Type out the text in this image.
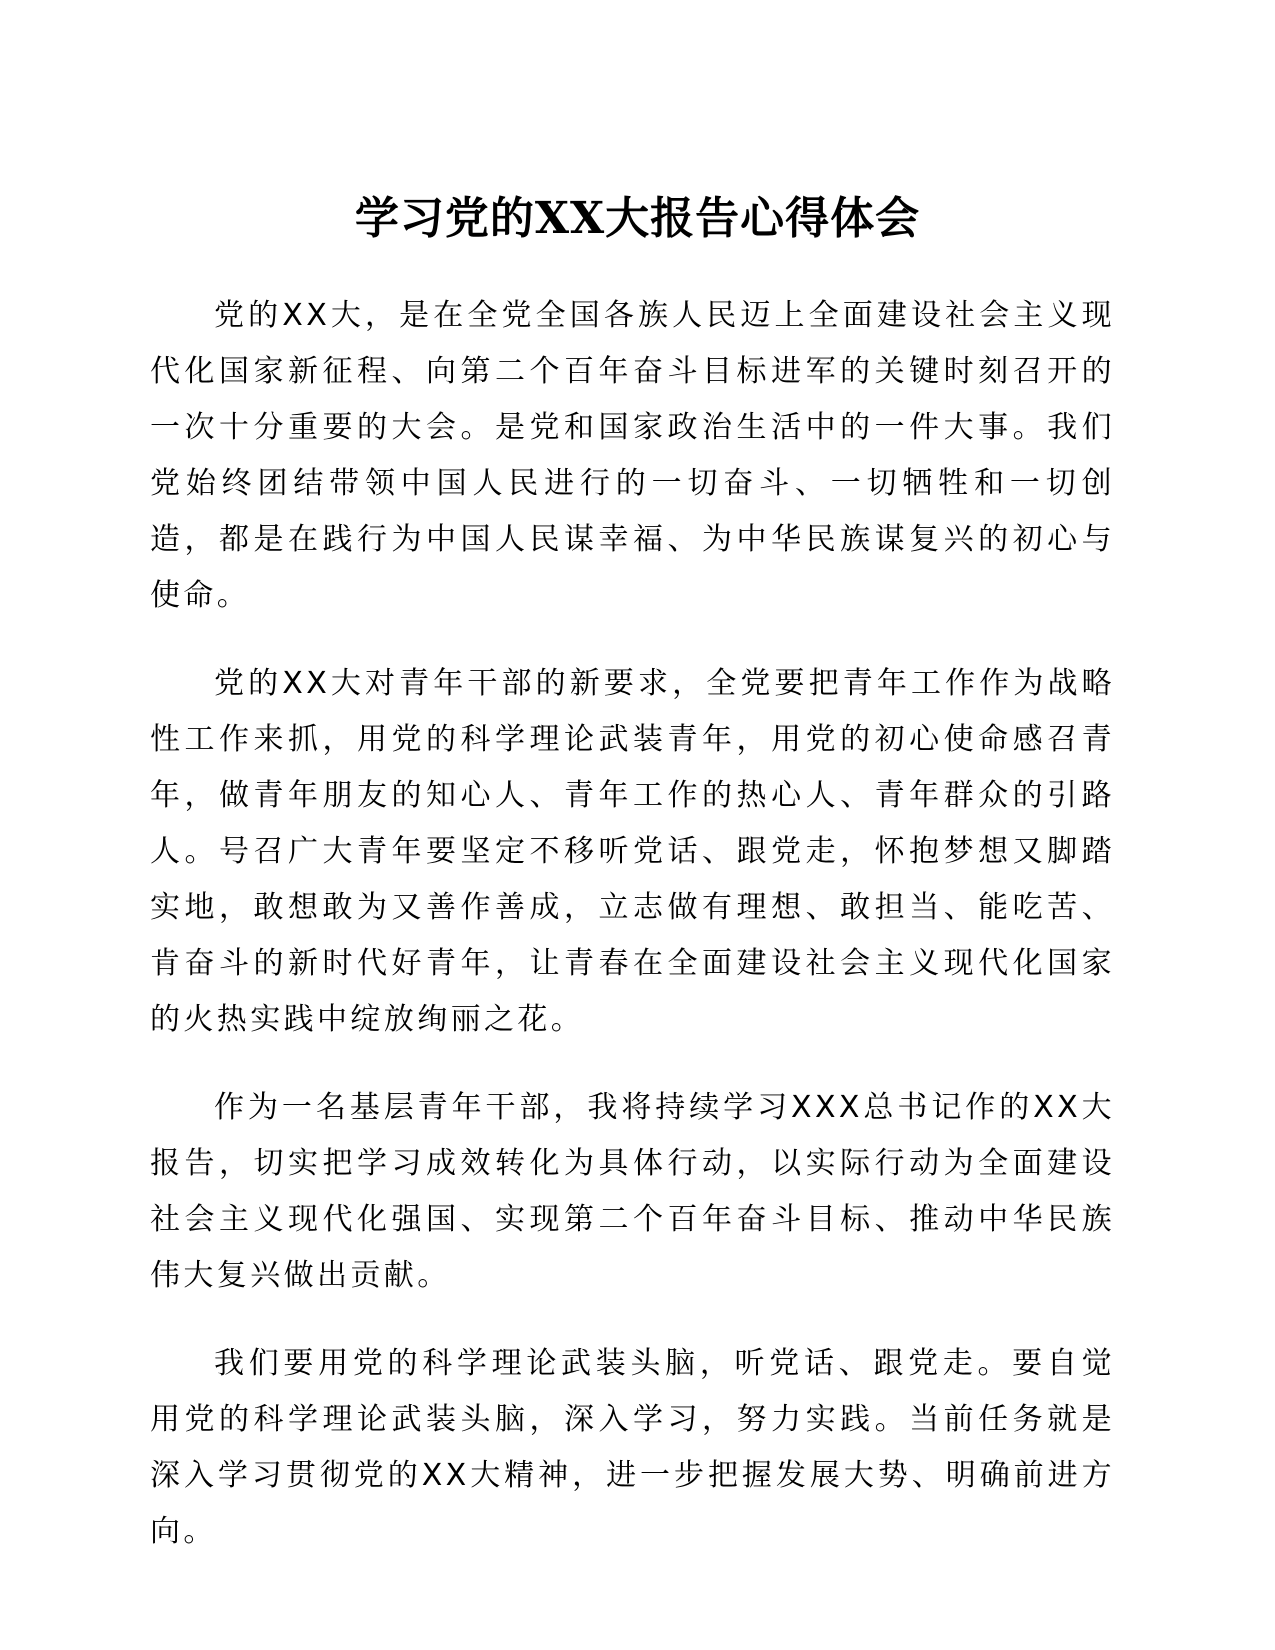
学习党的XX大报告心得体会

党的XX大，是在全党全国各族人民迈上全面建设社会主义现代化国家新征程、向第二个百年奋斗目标进军的关键时刻召开的一次十分重要的大会。是党和国家政治生活中的一件大事。我们党始终团结带领中国人民进行的一切奋斗、一切牺牲和一切创造，都是在践行为中国人民谋幸福、为中华民族谋复兴的初心与使命。

党的XX大对青年干部的新要求，全党要把青年工作作为战略性工作来抓，用党的科学理论武装青年，用党的初心使命感召青年，做青年朋友的知心人、青年工作的热心人、青年群众的引路人。号召广大青年要坚定不移听党话、跟党走，怀抱梦想又脚踏实地，敢想敢为又善作善成，立志做有理想、敢担当、能吃苦、肯奋斗的新时代好青年，让青春在全面建设社会主义现代化国家的火热实践中绽放绚丽之花。

作为一名基层青年干部，我将持续学习XXX总书记作的XX大报告，切实把学习成效转化为具体行动，以实际行动为全面建设社会主义现代化强国、实现第二个百年奋斗目标、推动中华民族伟大复兴做出贡献。

我们要用党的科学理论武装头脑，听党话、跟党走。要自觉用党的科学理论武装头脑，深入学习，努力实践。当前任务就是深入学习贯彻党的XX大精神，进一步把握发展大势、明确前进方向。
